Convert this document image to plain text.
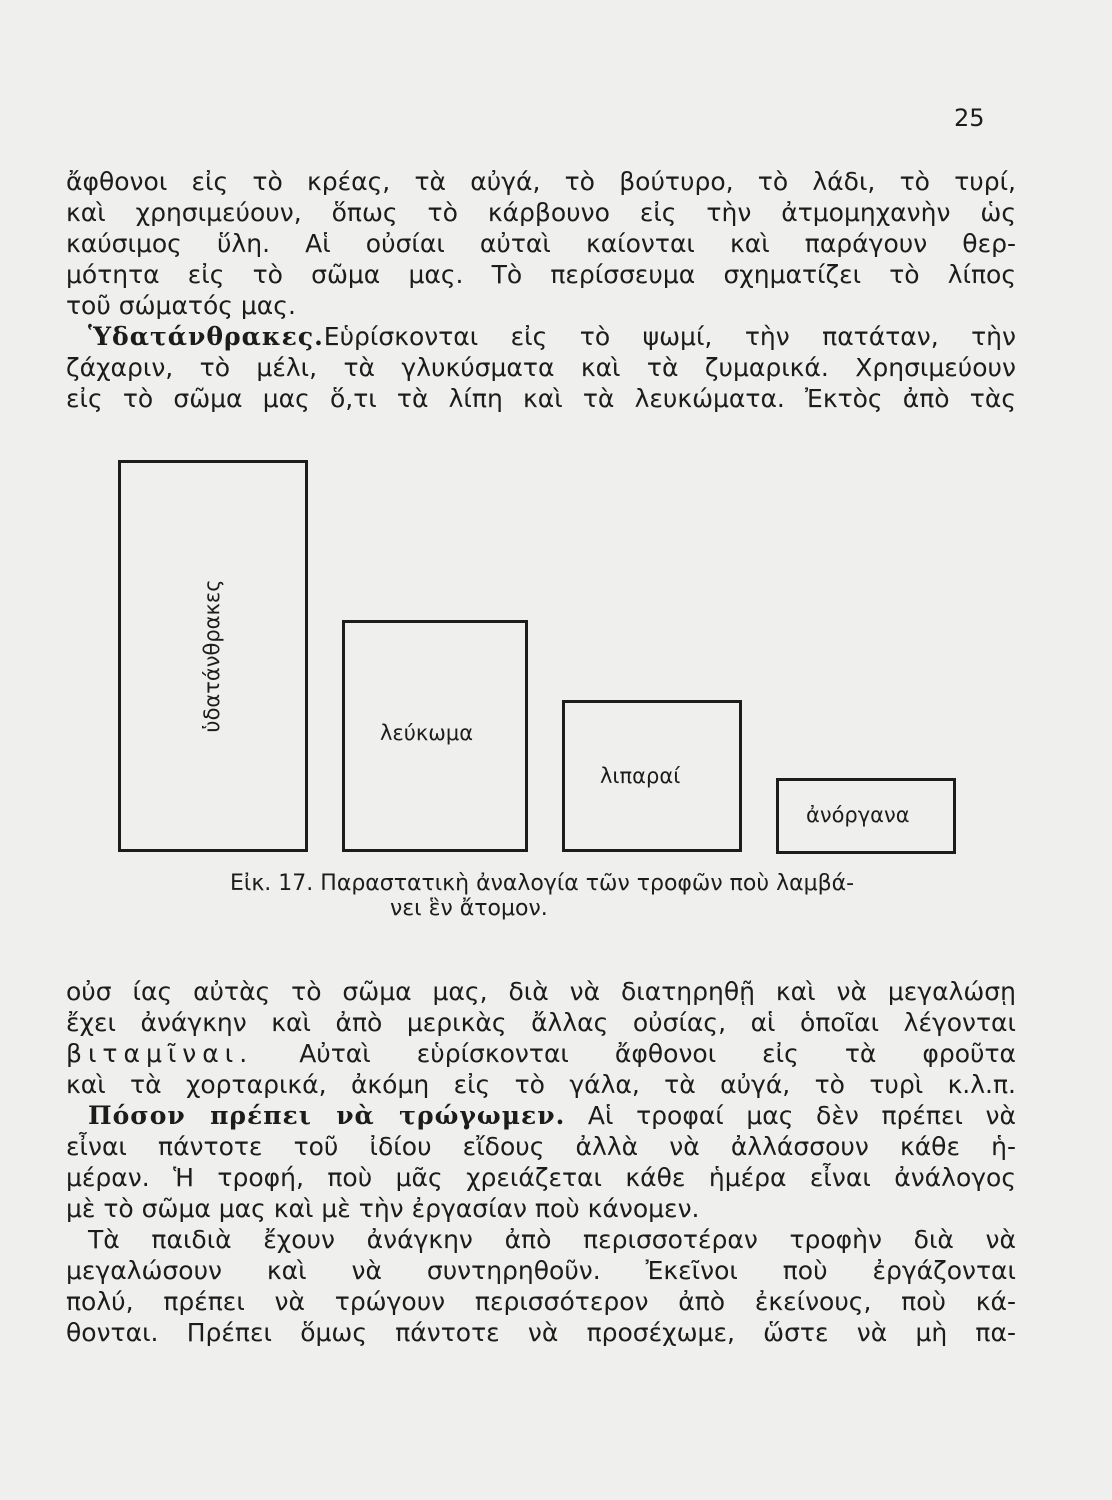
25
ἄφθονοι εἰς τὸ κρέας, τὰ αὐγά, τὸ βούτυρο, τὸ λάδι, τὸ τυρί,
καὶ χρησιμεύουν, ὅπως τὸ κάρβουνο εἰς τὴν ἀτμομηχανὴν ὡς
καύσιμος ὕλη. Αἱ οὐσίαι αὐταὶ καίονται καὶ παράγουν θερ-
μότητα εἰς τὸ σῶμα μας. Τὸ περίσσευμα σχηματίζει τὸ λίπος
τοῦ σώματός μας.
Ὑδατάνθρακες.Εὑρίσκονται εἰς τὸ ψωμί, τὴν πατάταν, τὴν
ζάχαριν, τὸ μέλι, τὰ γλυκύσματα καὶ τὰ ζυμαρικά. Χρησιμεύουν
εἰς τὸ σῶμα μας ὅ,τι τὰ λίπη καὶ τὰ λευκώματα. Ἐκτὸς ἀπὸ τὰς
ὑδατάνθρακες
λεύκωμα
λιπαραί
ἀνόργανα
Εἰκ. 17. Παραστατικὴ ἀναλογία τῶν τροφῶν ποὺ λαμβά-
νει ἓν ἄτομον.
οὐσ ίας αὐτὰς τὸ σῶμα μας, διὰ νὰ διατηρηθῇ καὶ νὰ μεγαλώσῃ
ἔχει ἀνάγκην καὶ ἀπὸ μερικὰς ἄλλας οὐσίας, αἱ ὁποῖαι λέγονται
βιταμῖναι. Αὐταὶ εὑρίσκονται ἄφθονοι εἰς τὰ φροῦτα
καὶ τὰ χορταρικά, ἀκόμη εἰς τὸ γάλα, τὰ αὐγά, τὸ τυρὶ κ.λ.π.
Πόσον πρέπει νὰ τρώγωμεν. Αἱ τροφαί μας δὲν πρέπει νὰ
εἶναι πάντοτε τοῦ ἰδίου εἴδους ἀλλὰ νὰ ἀλλάσσουν κάθε ἡ-
μέραν. Ἡ τροφή, ποὺ μᾶς χρειάζεται κάθε ἡμέρα εἶναι ἀνάλογος
μὲ τὸ σῶμα μας καὶ μὲ τὴν ἐργασίαν ποὺ κάνομεν.
Τὰ παιδιὰ ἔχουν ἀνάγκην ἀπὸ περισσοτέραν τροφὴν διὰ νὰ
μεγαλώσουν καὶ νὰ συντηρηθοῦν. Ἐκεῖνοι ποὺ ἐργάζονται
πολύ, πρέπει νὰ τρώγουν περισσότερον ἀπὸ ἐκείνους, ποὺ κά-
θονται. Πρέπει ὅμως πάντοτε νὰ προσέχωμε, ὥστε νὰ μὴ πα-
